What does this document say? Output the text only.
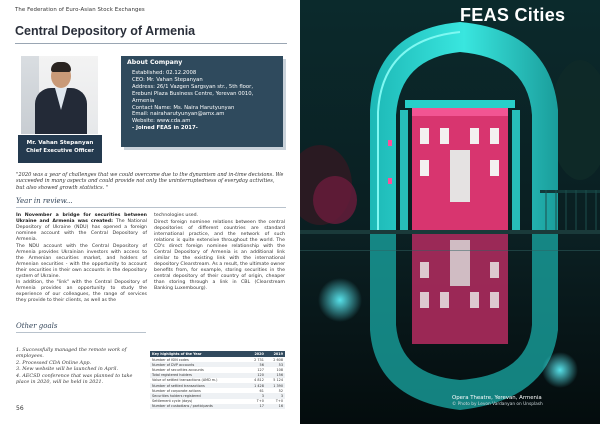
The Federation of Euro-Asian Stock Exchanges
Central Depository of Armenia
Mr. Vahan Stepanyan
Chief Executive Officer
About Company
Established: 02.12.2008
CEO: Mr. Vahan Stepanyan
Address: 26/1 Vazgen Sargsyan str., 5th floor,
Erebuni Plaza Business Centre, Yerevan 0010,
Armenia
Contact Name: Ms. Naira Harutyunyan
Email: nairaharutyunyan@amx.am
Website: www.cda.am
- Joined FEAS in 2017-
"2020 was a year of challenges that we could overcome due to the dynamism and in-time decisions. We succeeded in many aspects and could provide not only the uninterruptedness of everyday activities, but also showed growth statistics. "
Year in review...

In November a bridge for securities between Ukraine and Armenia was created: The National Depository of Ukraine (NDU) has opened a foreign nominee account with the Central Depository of Armenia.

The NDU account with the Central Depository of Armenia provides Ukrainian investors with access to the Armenian securities market, and holders of Armenian securities - with the opportunity to account their securities in their own accounts in the depository system of Ukraine.

In addition, the "link" with the Central Depository of Armenia provides an opportunity to study the experience of our colleagues, the range of services they provide to their clients, as well as the

technologies used.

Direct foreign nominee relations between the central depositories of different countries are standard international practice, and the network of such relations is quite extensive throughout the world. The CD's direct foreign nominee relationship with the Central Depository of Armenia is an additional link similar to the existing link with the international depository Clearstream. As a result, the ultimate owner benefits from, for example, storing securities in the central depository of their country of origin, cheaper than storing through a link in CBL (Clearstream Banking Luxembourg).

Other goals
1. Successfully managed the remote work of employees.
2. Processed CDA Online App.
3. New website will be launched in April.
4. AECSD conference that was planned to take place in 2020, will be held in 2021.
Key highlights of the Year	2020	2019
Number of ISIN codes	2 731	2 608
Number of DVP accounts	56	53
Number of securities accounts	127	108
Total registered holders	120	156
Value of settled transactions (AMD m.)	4 812	5 124
Number of settled transactions	1 428	1 390
Number of corporate actions	61	52
Securities holders registered	3	3
Settlement cycle (days)	T+0	T+0
Number of custodians / participants	17	16
56
FEAS Cities
Opera Theatre, Yerevan, Armenia
© Photo by Levon Vardanyan on Unsplash
